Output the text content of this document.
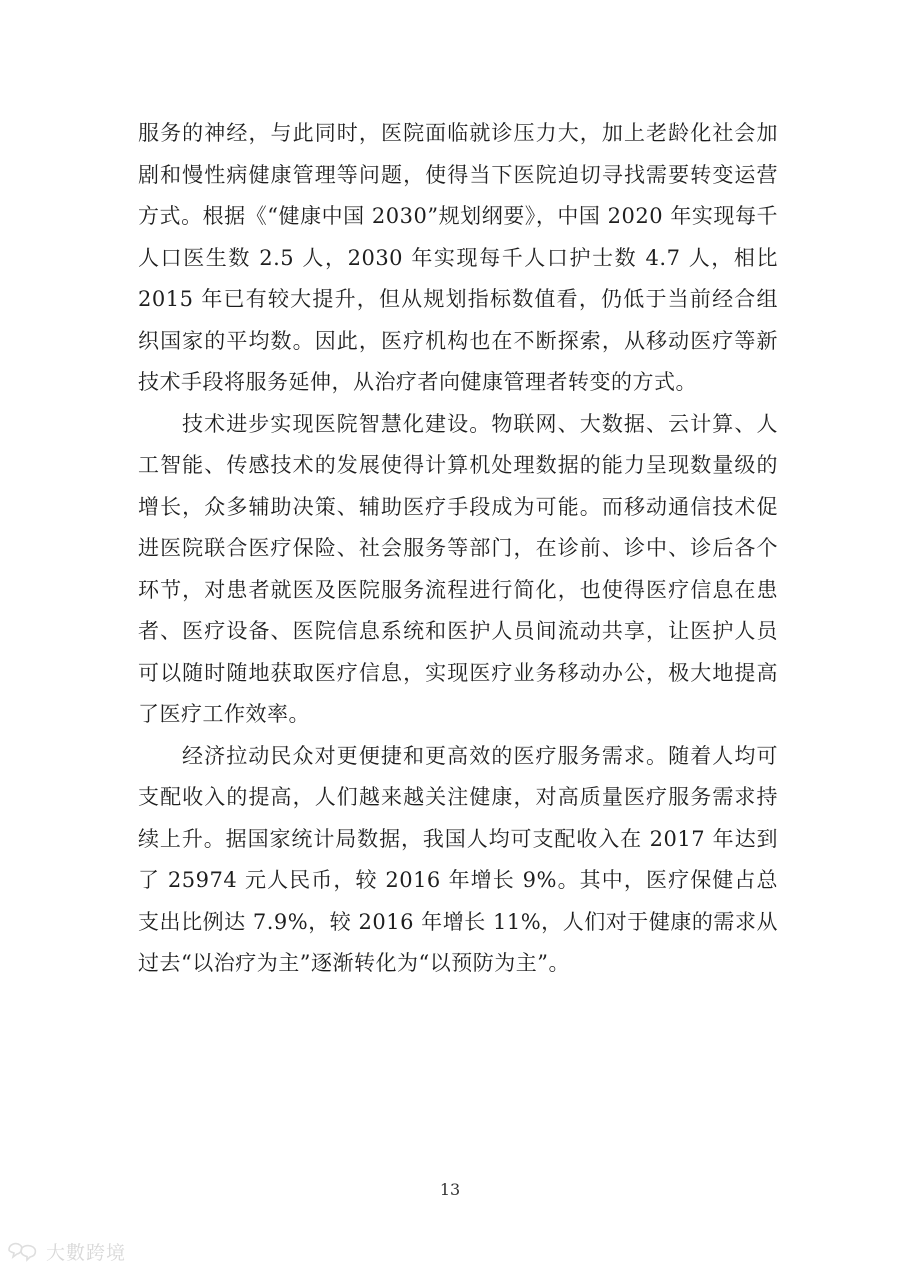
服务的神经，与此同时，医院面临就诊压力大，加上老龄化社会加剧和慢性病健康管理等问题，使得当下医院迫切寻找需要转变运营方式。根据《“健康中国 2030”规划纲要》，中国 2020 年实现每千人口医生数 2.5 人，2030 年实现每千人口护士数 4.7 人，相比 2015 年已有较大提升，但从规划指标数值看，仍低于当前经合组织国家的平均数。因此，医疗机构也在不断探索，从移动医疗等新技术手段将服务延伸，从治疗者向健康管理者转变的方式。

技术进步实现医院智慧化建设。物联网、大数据、云计算、人工智能、传感技术的发展使得计算机处理数据的能力呈现数量级的增长，众多辅助决策、辅助医疗手段成为可能。而移动通信技术促进医院联合医疗保险、社会服务等部门，在诊前、诊中、诊后各个环节，对患者就医及医院服务流程进行简化，也使得医疗信息在患者、医疗设备、医院信息系统和医护人员间流动共享，让医护人员可以随时随地获取医疗信息，实现医疗业务移动办公，极大地提高了医疗工作效率。

经济拉动民众对更便捷和更高效的医疗服务需求。随着人均可支配收入的提高，人们越来越关注健康，对高质量医疗服务需求持续上升。据国家统计局数据，我国人均可支配收入在 2017 年达到了 25974 元人民币，较 2016 年增长 9%。其中，医疗保健占总支出比例达 7.9%，较 2016 年增长 11%，人们对于健康的需求从过去“以治疗为主”逐渐转化为“以预防为主”。

13
大數跨境
